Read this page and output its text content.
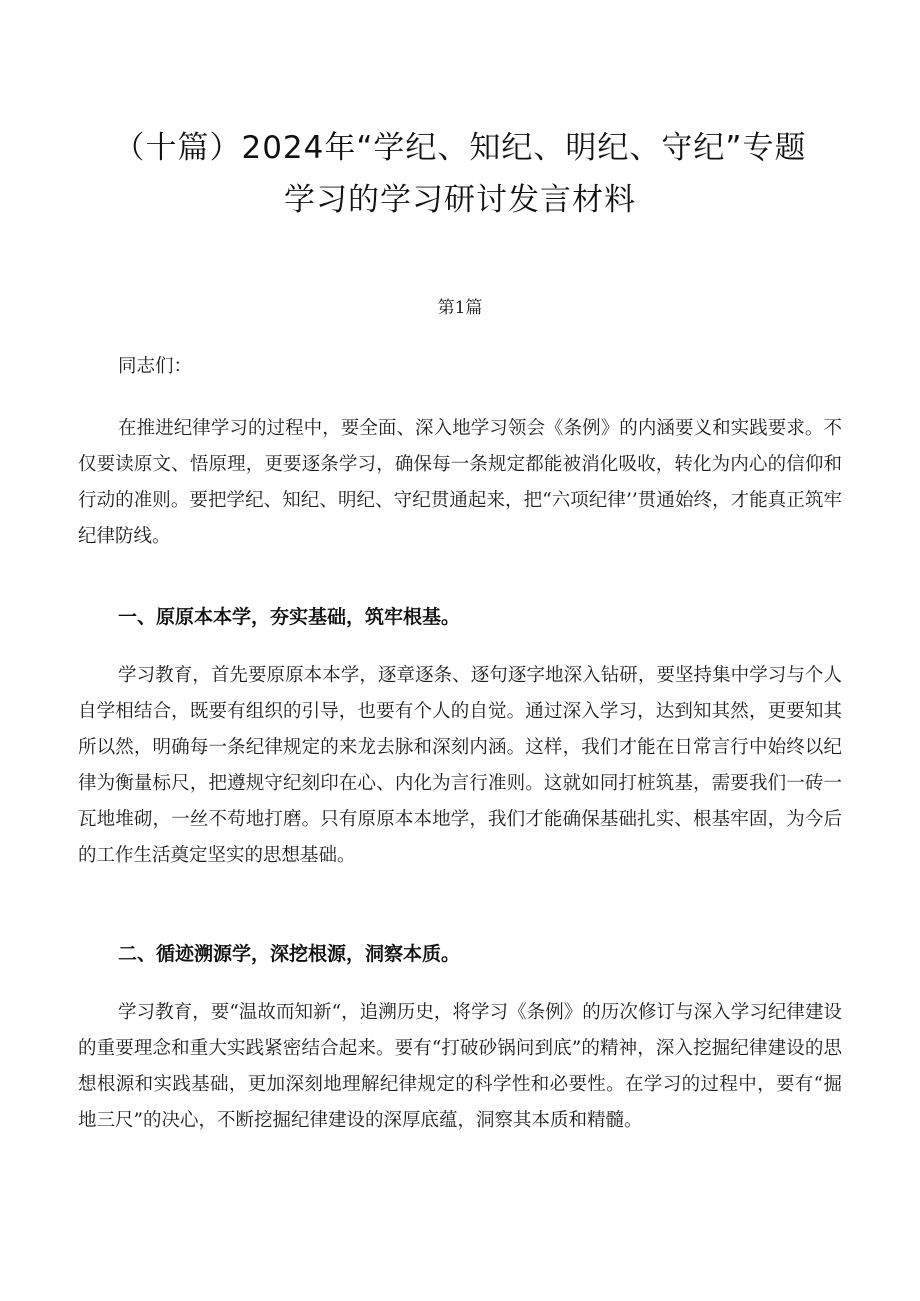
（十篇）2024年“学纪、知纪、明纪、守纪”专题
学习的学习研讨发言材料

第1篇

同志们：

在推进纪律学习的过程中，要全面、深入地学习领会《条例》的内涵要义和实践要求。不仅要读原文、悟原理，更要逐条学习，确保每一条规定都能被消化吸收，转化为内心的信仰和行动的准则。要把学纪、知纪、明纪、守纪贯通起来，把“六项纪律’’贯通始终，才能真正筑牢纪律防线。

一、原原本本学，夯实基础，筑牢根基。

学习教育，首先要原原本本学，逐章逐条、逐句逐字地深入钻研，要坚持集中学习与个人自学相结合，既要有组织的引导，也要有个人的自觉。通过深入学习，达到知其然，更要知其所以然，明确每一条纪律规定的来龙去脉和深刻内涵。这样，我们才能在日常言行中始终以纪律为衡量标尺，把遵规守纪刻印在心、内化为言行准则。这就如同打桩筑基，需要我们一砖一瓦地堆砌，一丝不苟地打磨。只有原原本本地学，我们才能确保基础扎实、根基牢固，为今后的工作生活奠定坚实的思想基础。

二、循迹溯源学，深挖根源，洞察本质。

学习教育，要“温故而知新“，追溯历史，将学习《条例》的历次修订与深入学习纪律建设的重要理念和重大实践紧密结合起来。要有“打破砂锅问到底”的精神，深入挖掘纪律建设的思想根源和实践基础，更加深刻地理解纪律规定的科学性和必要性。在学习的过程中，要有“掘地三尺”的决心，不断挖掘纪律建设的深厚底蕴，洞察其本质和精髓。
